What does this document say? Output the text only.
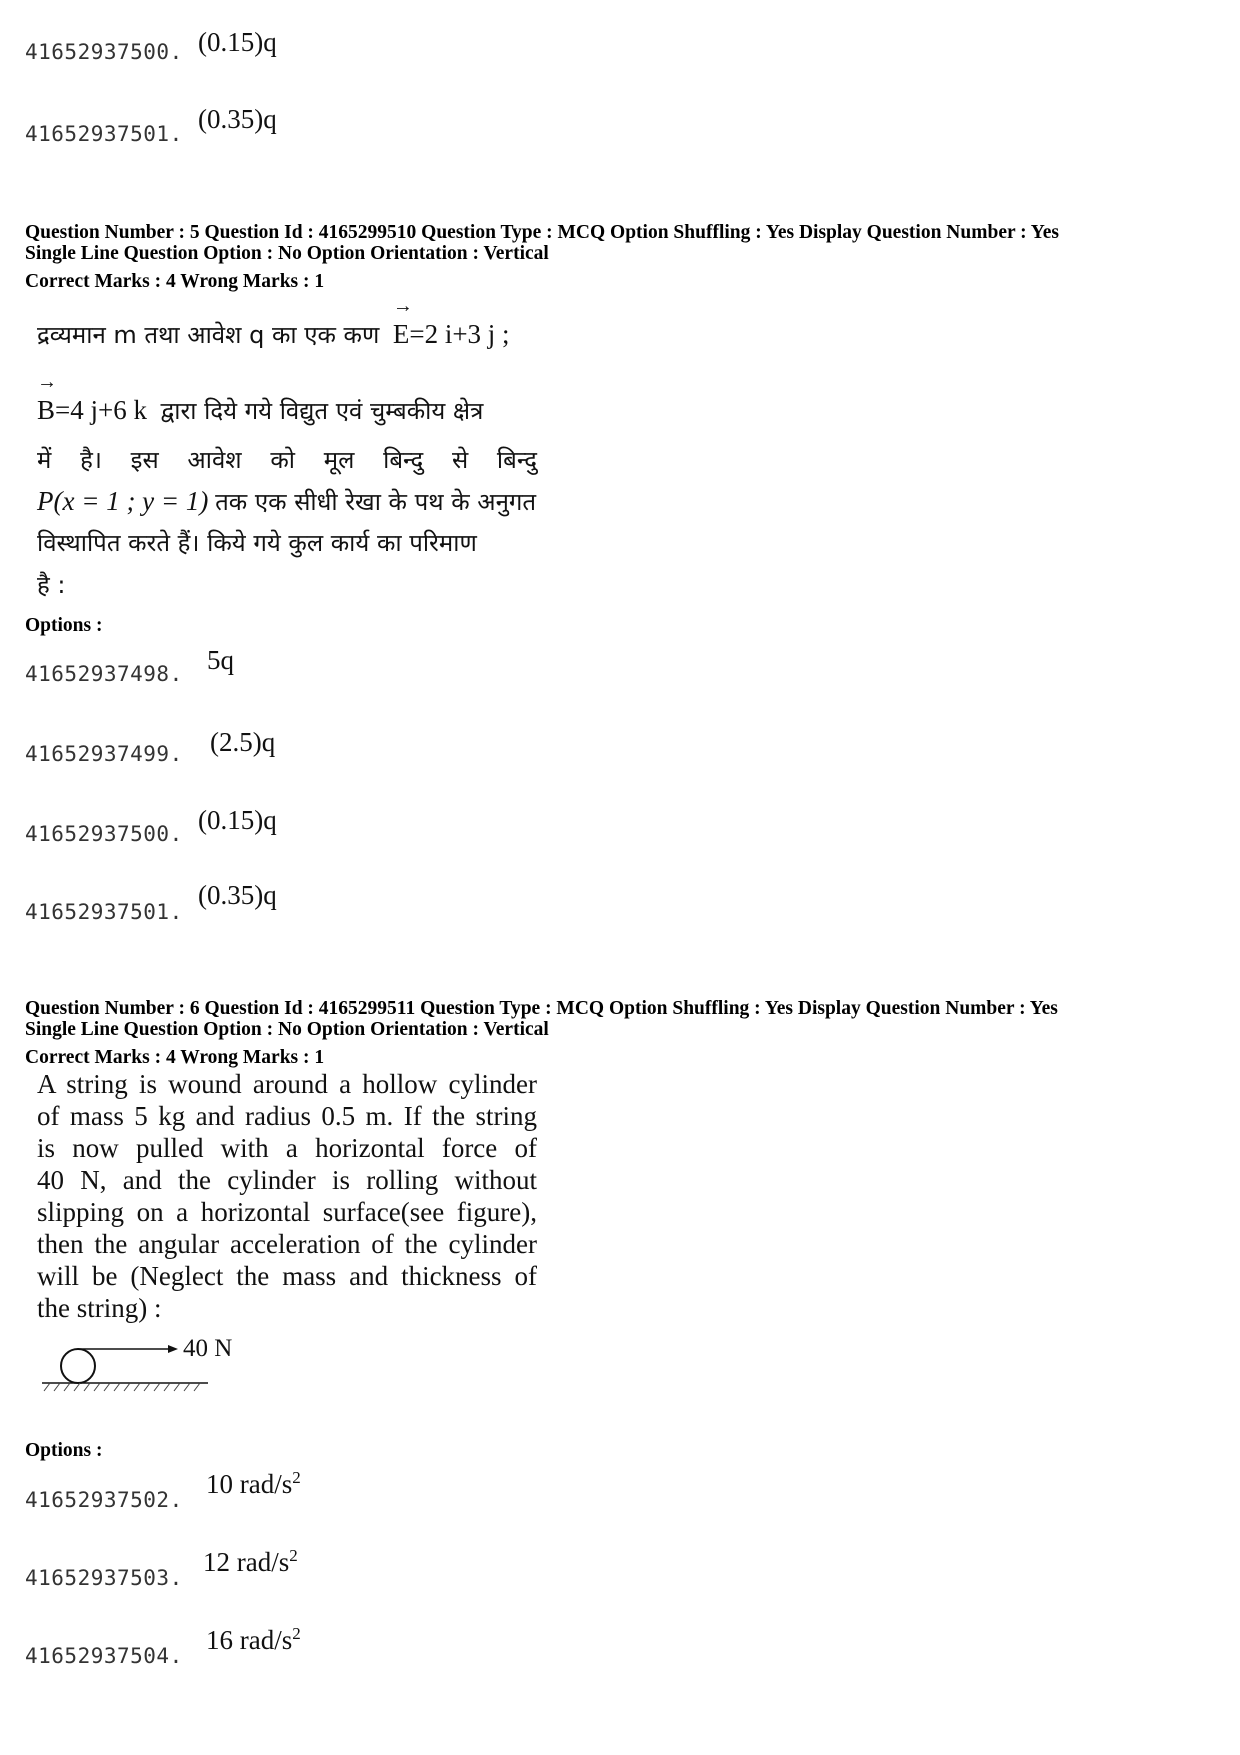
41652937500. (0.15)q
41652937501. (0.35)q
Question Number : 5 Question Id : 4165299510 Question Type : MCQ Option Shuffling : Yes Display Question Number : Yes
Single Line Question Option : No Option Orientation : Vertical
Correct Marks : 4 Wrong Marks : 1
द्रव्यमान m तथा आवेश q का एक कण  → E=2 i+3 j ;
→ B=4 j+6 k द्वारा दिये गये विद्युत एवं चुम्बकीय क्षेत्र
में है। इस आवेश को मूल बिन्दु से बिन्दु
P(x = 1 ; y = 1) तक एक सीधी रेखा के पथ के अनुगत
विस्थापित करते हैं। किये गये कुल कार्य का परिमाण
है :
Options :
41652937498. 5q
41652937499. (2.5)q
41652937500. (0.15)q
41652937501.
(0.35)q
Question Number : 6 Question Id : 4165299511 Question Type : MCQ Option Shuffling : Yes Display Question Number : Yes
Single Line Question Option : No Option Orientation : Vertical
Correct Marks : 4 Wrong Marks : 1
A string is wound around a hollow cylinder
of mass 5 kg and radius 0.5 m. If the string
is now pulled with a horizontal force of
40 N, and the cylinder is rolling without
slipping on a horizontal surface(see figure),
then the angular acceleration of the cylinder
will be (Neglect the mass and thickness of
the string) :
40 N
Options :
41652937502.
10 rad/$s^2$
41652937503.
12 rad/$s^2$
41652937504.
16 rad/$s^2$
